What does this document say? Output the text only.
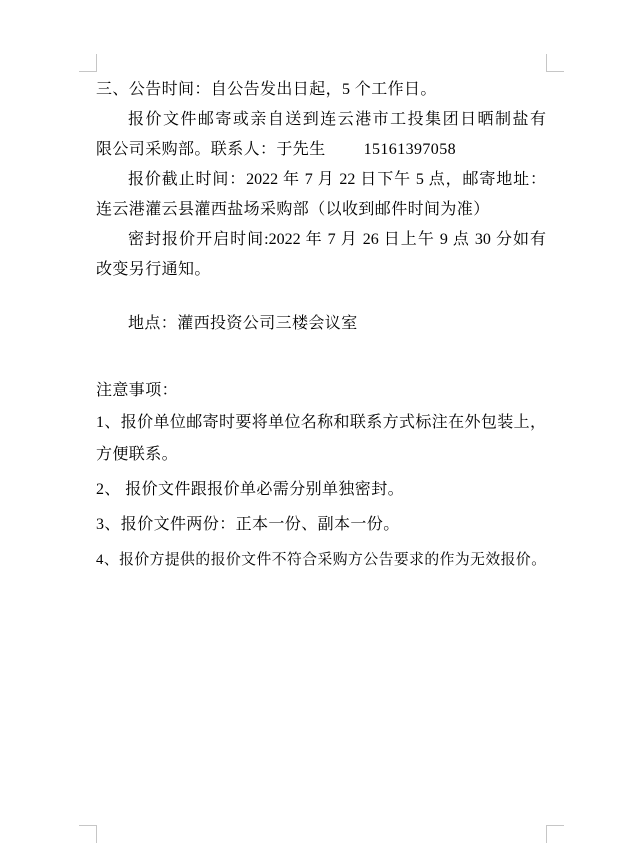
三、公告时间：自公告发出日起，5 个工作日。
报价文件邮寄或亲自送到连云港市工投集团日晒制盐有
限公司采购部。联系人：于先生 15161397058
报价截止时间：2022 年 7 月 22 日下午 5 点，邮寄地址：
连云港灌云县灌西盐场采购部（以收到邮件时间为准）
密封报价开启时间:2022 年 7 月 26 日上午 9 点 30 分如有
改变另行通知。
地点：灌西投资公司三楼会议室
注意事项：
1、报价单位邮寄时要将单位名称和联系方式标注在外包装上，
方便联系。
2、 报价文件跟报价单必需分别单独密封。
3、报价文件两份：正本一份、副本一份。
4、报价方提供的报价文件不符合采购方公告要求的作为无效报价。
